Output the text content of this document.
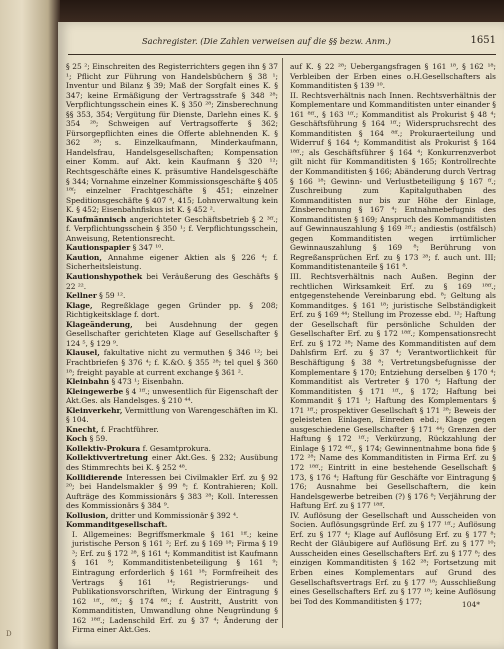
Sachregister. (Die Zahlen verweisen auf die §§ bezw. Anm.)	1651

§ 25 ²; Einschreiten des Registerrichters gegen ihn § 37 ¹; Pflicht zur Führung von Handelsbüchern § 38 ¹; Inventur und Bilanz § 39; Maß der Sorgfalt eines K. § 347; keine Ermäßigung der Vertragsstrafe § 348 ²⁸; Verpflichtungsschein eines K. § 350 ²⁸; Zinsberechnung §§ 353, 354; Vergütung für Dienste, Darlehn eines K. § 354 ²⁸; Schweigen auf Vertragsofferte § 362; Fürsorgepflichten eines die Offerte ablehnenden K. § 362 ²⁸; s. Einzelkaufmann, Minderkaufmann, Handelsfrau, Handelsgesellschaften; Kompensation einer Komm. auf Akt. kein Kaufmann § 320 ¹²; Rechtsgeschäfte eines K. präsumtive Handelsgeschäfte § 344; Vornahme einzelner Kommissionsgeschäfte § 405 ¹⁸ᶠ; einzelner Frachtgeschäfte § 451; einzelner Speditionsgeschäfte § 407 ⁴, 415; Lohnverwaltung kein K. § 452; Eisenbahnfiskus ist K. § 452 ².

Kaufmännisch angerichteter Geschäftsbetrieb § 2 ³ᶠᶠ.; f. Verpflichtungsschein § 350 ¹; f. Verpflichtungsschein, Anweisung, Retentionsrecht.

Kautionspapier § 347 ¹⁰.

Kaution, Annahme eigener Aktien als § 226 ⁴; f. Sicherheitsleistung.

Kautionshypothek bei Veräußerung des Geschäfts § 22 ²².

Kellner § 59 ¹².

Klage, Regreßklage gegen Gründer pp. § 208; Richtigkeitsklage f. dort.

Klageänderung, bei Ausdehnung der gegen Gesellschafter gerichteten Klage auf Gesellschafter § 124 ⁵, § 129 ⁹.

Klausel, fakultative nicht zu vermuthen § 346 ¹²; bei Frachtbriefen § 376 ⁴; f. K.&O. § 355 ²⁸; tel quel § 360 ¹⁸; freight payable at current exchange § 361 ².

Kleinbahn § 473 ¹; Eisenbahn.

Kleingewerbe § 4 ¹ᶠᶠ.; unwesentlich für Eigenschaft der Akt.Ges. als Handelsges. § 210 ⁴⁴.

Kleinverkehr, Vermittlung von Warengeschäften im Kl. § 104.

Knecht, f. Frachtführer.

Koch § 59.

Kollektiv-Prokura f. Gesamtprokura.

Kollektivvertretung einer Akt.Ges. § 232; Ausübung des Stimmrechts bei K. § 252 ⁴⁸.

Kollidierende Interessen bei Civilmakler Erf. zu § 92 ²⁰; bei Handelsmakler § 99 ⁸; f. Kontrahieren; Koll. Aufträge des Kommissionärs § 383 ²⁸; Koll. Interessen des Kommissionärs § 384 ⁹.

Kollusion, dritter und Kommissionär § 392 ⁴.

Kommanditgesellschaft.

I. Allgemeines: Begriffsmerkmale § 161 ¹ᶠᶠ.; keine juristische Person § 161 ²; Erf. zu § 169 ¹⁸; Firma § 19 ³; Erf. zu § 172 ²⁸, § 161 ⁴; Kommanditist ist Kaufmann § 161 ⁹; Kommanditistenbeteiligung § 161 ⁹; Eintragung erforderlich § 161 ¹⁸; Formfreiheit des Vertrags § 161 ¹⁴; Registrierungs- und Publikationsvorschriften, Wirkung der Eintragung § 162 ¹ᶠᶠ., ⁸ᶠᶠ.; § 174 ⁸ᶠᶠ.; f. Austritt, Austritt von Kommanditisten, Umwandlung ohne Neugründung § 162 ¹⁸ᶠᶠ.; Ladenschild Erf. zu § 37 ⁴; Änderung der Firma einer Akt.Ges.

auf K. § 22 ²⁸; Uebergangsfragen § 161 ¹⁸, § 162 ¹⁸; Verbleiben der Erben eines o.H.Gesellschafters als Kommanditisten § 139 ¹⁰.

II. Rechtsverhältnis nach Innen. Rechtsverhältnis der Komplementare und Kommanditisten unter einander § 161 ⁸ᶠᶠ., § 163 ¹ᶠᶠ.; Kommanditist als Prokurist § 48 ⁴; Geschäftsführung § 164 ¹ᶠᶠ.; Widerspruchsrecht des Kommanditisten § 164 ⁸ᶠᶠ.; Prokuraerteilung und Widerruf § 164 ⁴; Kommanditist als Prokurist § 164 ¹⁸ᶠᶠ.; als Geschäftsführer § 164 ⁴; Konkurrenzverbot gilt nicht für Kommanditisten § 165; Kontrollrechte der Kommanditisten § 166; Abänderung durch Vertrag § 166 ¹⁸; Gewinn- und Verlustbeteiligung § 167 ᶠᶠ.; Zuschreibung zum Kapitalguthaben des Kommanditisten nur bis zur Höhe der Einlage, Zinsberechnung § 167 ⁴; Entnahmebefugnis des Kommanditisten § 169; Anspruch des Kommanditisten auf Gewinnauszahlung § 169 ²ᶠᶠ.; andiestis (ostfälsch) gegen Kommanditisten wegen irrtümlicher Gewinnauszahlung § 169 ⁸; Berührung von Regreßansprüchen Erf. zu § 173 ²⁸; f. auch unt. III; Kommanditistenanteile § 161 ⁸.

III. Rechtsverhältnis nach Außen. Beginn der rechtlichen Wirksamkeit Erf. zu § 169 ¹⁸ᶠᶠ.; entgegenstehende Vereinbarung ebd. ⁸; Geltung als Kommanditges. § 161 ¹⁸; juristische Selbständigkeit Erf. zu § 169 ⁴⁴; Stellung im Prozesse ebd. ¹²; Haftung der Gesellschaft für persönliche Schulden der Gesellschafter Erf. zu § 172 ¹⁸ᶠᶠ.; Kompensationsrecht Erf. zu § 172 ²⁸; Name des Kommanditisten auf dem Dahlsfirm Erf. zu § 37 ⁴; Verantwortlichkeit für Beschäftigung § 38 ⁸; Vertretungsbefugnisse der Komplementare § 170; Entziehung derselben § 170 ⁴; Kommanditist als Vertreter § 170 ⁴; Haftung der Kommanditisten § 171 ¹ᶠᶠ., § 172; Haftung bei Kommandit § 171 ¹; Haftung des Komplementars § 171 ¹ᶠᶠ.; prospektiver Gesellschaft § 171 ²⁸; Beweis der geleisteten Einlagen, Einreden ebd.; Klage gegen ausgeschiedene Gesellschafter § 171 ⁴⁴; Grenzen der Haftung § 172 ¹ᶠᶠ.; Verkürzung, Rückzahlung der Einlage § 172 ⁴ᶠᶠ., § 174; Gewinnentnahme bona fide § 172 ²⁸; Name des Kommanditisten in Firma Erf. zu § 172 ¹⁸ᶠᶠ.; Eintritt in eine bestehende Gesellschaft § 173, § 176 ⁴; Haftung für Geschäfte vor Eintragung § 176; Ausnahme bei Gesellschaftern, die kein Handelsgewerbe betreiben (?) § 176 ⁸; Verjährung der Haftung Erf. zu § 177 ¹⁸ᶠᶠ.

IV. Auflösung der Gesellschaft und Ausscheiden von Socien. Auflösungsgründe Erf. zu § 177 ¹ᶠᶠ.; Auflösung Erf. zu § 177 ⁴; Klage auf Auflösung Erf. zu § 177 ⁸; Recht der Gläubigere auf Auflösung Erf. zu § 177 ¹⁰; Ausscheiden eines Gesellschafters Erf. zu § 177 ⁸; des einzigen Kommanditisten § 162 ²⁸; Fortsetzung mit Erben eines Komplementars auf Grund des Gesellschaftsvertrags Erf. zu § 177 ¹⁸; Ausschließung eines Gesellschafters Erf. zu § 177 ¹⁸; keine Auflösung bei Tod des Kommanditisten § 177;	104*
D
